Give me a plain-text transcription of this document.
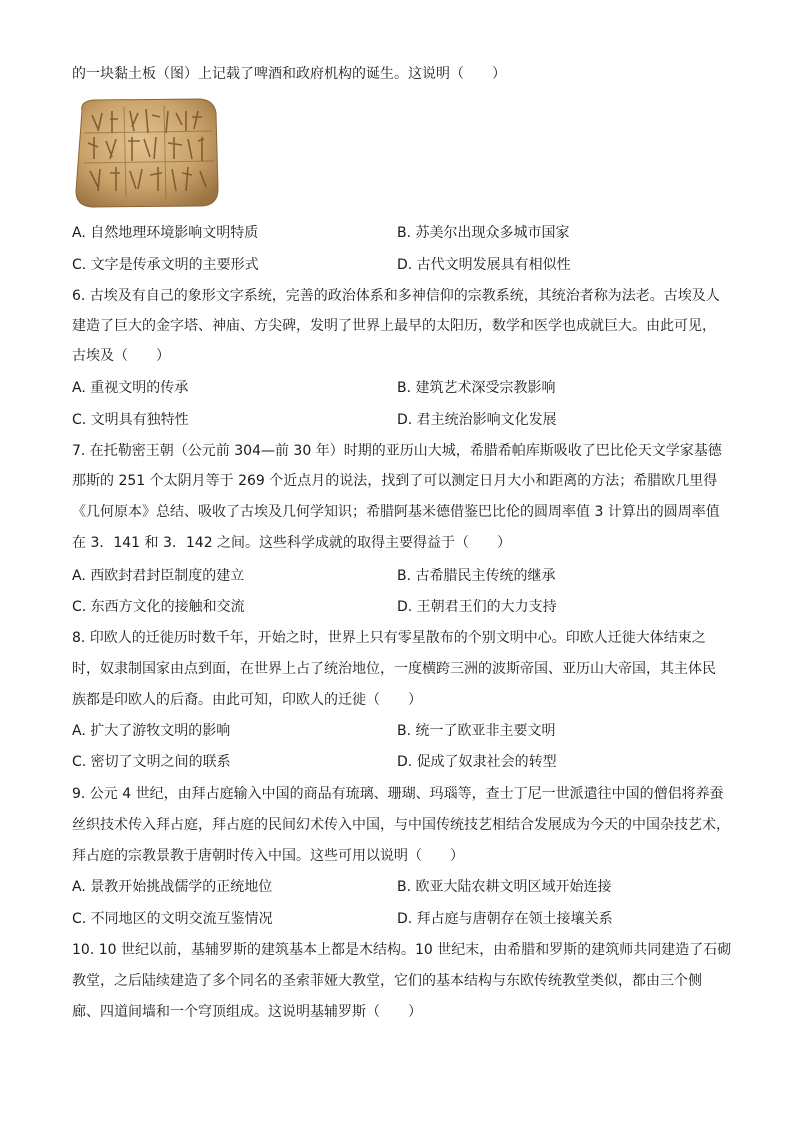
的一块黏土板（图）上记载了啤酒和政府机构的诞生。这说明（　　）
A. 自然地理环境影响文明特质	B. 苏美尔出现众多城市国家
C. 文字是传承文明的主要形式	D. 古代文明发展具有相似性
6. 古埃及有自己的象形文字系统，完善的政治体系和多神信仰的宗教系统，其统治者称为法老。古埃及人
建造了巨大的金字塔、神庙、方尖碑，发明了世界上最早的太阳历，数学和医学也成就巨大。由此可见，
古埃及（　　）
A. 重视文明的传承	B. 建筑艺术深受宗教影响
C. 文明具有独特性	D. 君主统治影响文化发展
7. 在托勒密王朝（公元前 304—前 30 年）时期的亚历山大城，希腊希帕库斯吸收了巴比伦天文学家基德
那斯的 251 个太阴月等于 269 个近点月的说法，找到了可以测定日月大小和距离的方法；希腊欧几里得
《几何原本》总结、吸收了古埃及几何学知识；希腊阿基米德借鉴巴比伦的圆周率值 3 计算出的圆周率值
在 3．141 和 3．142 之间。这些科学成就的取得主要得益于（　　）
A. 西欧封君封臣制度的建立	B. 古希腊民主传统的继承
C. 东西方文化的接触和交流	D. 王朝君王们的大力支持
8. 印欧人的迁徙历时数千年，开始之时，世界上只有零星散布的个别文明中心。印欧人迁徙大体结束之
时，奴隶制国家由点到面，在世界上占了统治地位，一度横跨三洲的波斯帝国、亚历山大帝国，其主体民
族都是印欧人的后裔。由此可知，印欧人的迁徙（　　）
A. 扩大了游牧文明的影响	B. 统一了欧亚非主要文明
C. 密切了文明之间的联系	D. 促成了奴隶社会的转型
9. 公元 4 世纪，由拜占庭输入中国的商品有琉璃、珊瑚、玛瑙等，查士丁尼一世派遣往中国的僧侣将养蚕
丝织技术传入拜占庭，拜占庭的民间幻术传入中国，与中国传统技艺相结合发展成为今天的中国杂技艺术，
拜占庭的宗教景教于唐朝时传入中国。这些可用以说明（　　）
A. 景教开始挑战儒学的正统地位	B. 欧亚大陆农耕文明区域开始连接
C. 不同地区的文明交流互鉴情况	D. 拜占庭与唐朝存在领土接壤关系
10. 10 世纪以前，基辅罗斯的建筑基本上都是木结构。10 世纪末，由希腊和罗斯的建筑师共同建造了石砌
教堂，之后陆续建造了多个同名的圣索菲娅大教堂，它们的基本结构与东欧传统教堂类似，都由三个侧
廊、四道间墙和一个穹顶组成。这说明基辅罗斯（　　）
